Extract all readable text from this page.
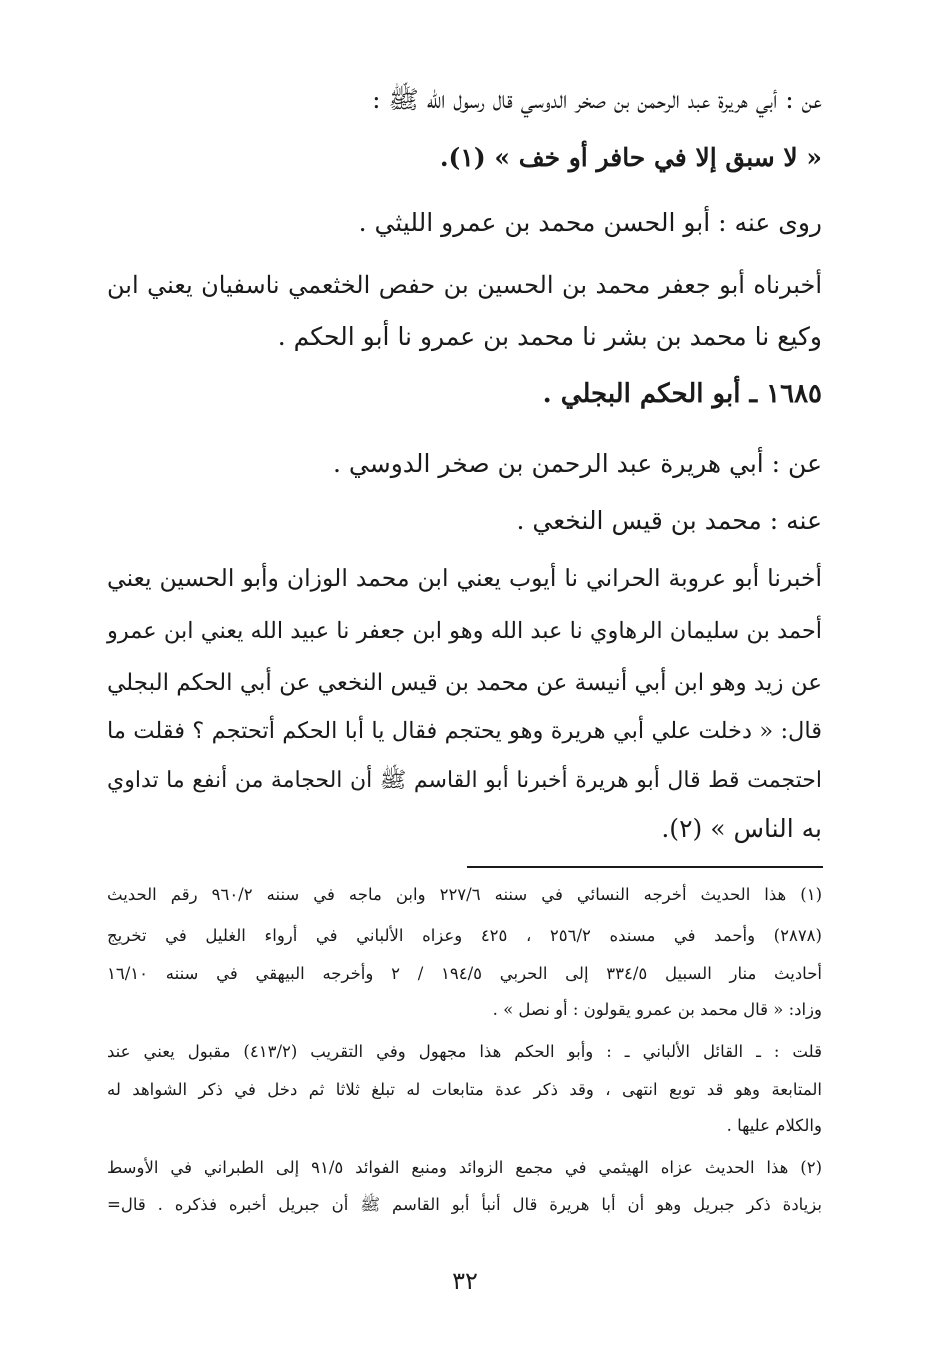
عن : أبي هريرة عبد الرحمن بن صخر الدوسي قال رسول الله ﷺ :
« لا سبق إلا في حافر أو خف » (١).
روى عنه : أبو الحسن محمد بن عمرو الليثي .
أخبرناه أبو جعفر محمد بن الحسين بن حفص الخثعمي ناسفيان يعني ابن
وكيع نا محمد بن بشر نا محمد بن عمرو نا أبو الحكم .
١٦٨٥ ـ أبو الحكم البجلي .
عن : أبي هريرة عبد الرحمن بن صخر الدوسي .
عنه : محمد بن قيس النخعي .
أخبرنا أبو عروبة الحراني نا أيوب يعني ابن محمد الوزان وأبو الحسين يعني
أحمد بن سليمان الرهاوي نا عبد الله وهو ابن جعفر نا عبيد الله يعني ابن عمرو
عن زيد وهو ابن أبي أنيسة عن محمد بن قيس النخعي عن أبي الحكم البجلي
قال: « دخلت علي أبي هريرة وهو يحتجم فقال يا أبا الحكم أتحتجم ؟ فقلت ما
احتجمت قط قال أبو هريرة أخبرنا أبو القاسم ﷺ أن الحجامة من أنفع ما تداوي
به الناس » (٢).
(١) هذا الحديث أخرجه النسائي في سننه ٢٢٧/٦ وابن ماجه في سننه ٩٦٠/٢ رقم الحديث
(٢٨٧٨) وأحمد في مسنده ٢٥٦/٢ ، ٤٢٥ وعزاه الألباني في أرواء الغليل في تخريج
أحاديث منار السبيل ٣٣٤/٥ إلى الحربي ١٩٤/٥ / ٢ وأخرجه البيهقي في سننه ١٦/١٠
وزاد: « قال محمد بن عمرو يقولون : أو نصل » .
قلت : ـ القائل الألباني ـ : وأبو الحكم هذا مجهول وفي التقريب (٤١٣/٢) مقبول يعني عند
المتابعة وهو قد توبع انتهى ، وقد ذكر عدة متابعات له تبلغ ثلاثا ثم دخل في ذكر الشواهد له
والكلام عليها .
(٢) هذا الحديث عزاه الهيثمي في مجمع الزوائد ومنبع الفوائد ٩١/٥ إلى الطبراني في الأوسط
بزيادة ذكر جبريل وهو أن أبا هريرة قال أنبأ أبو القاسم ﷺ أن جبريل أخبره فذكره . قال=
٣٢
